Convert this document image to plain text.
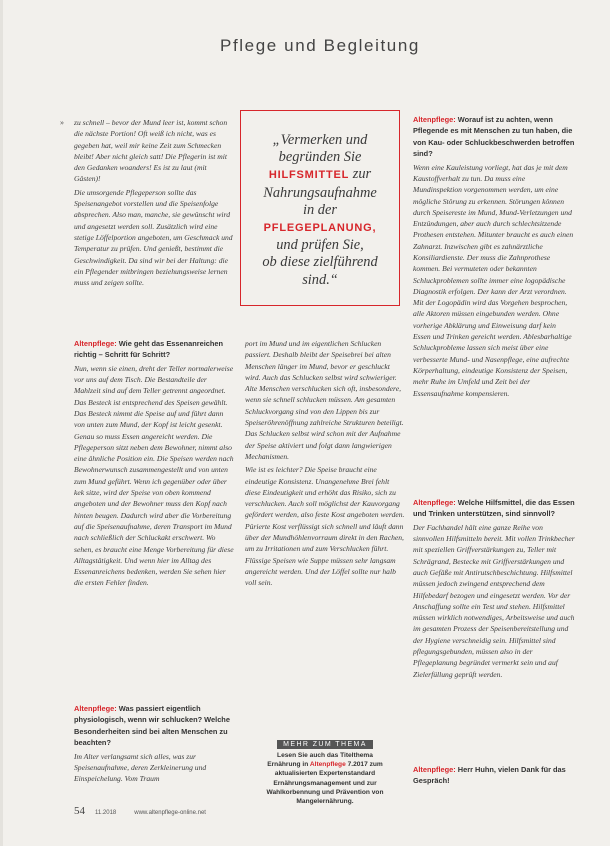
Pflege und Begleitung

» zu schnell – bevor der Mund leer ist, kommt schon die nächste Portion! Oft weiß ich nicht, was es gegeben hat, weil mir keine Zeit zum Schmecken bleibt! Aber nicht gleich satt! Die Pflegerin ist mit den Gedanken woanders! Es ist zu laut (mit Gästen)!

Die umsorgende Pflegeperson sollte das Speisenangebot vorstellen und die Speisenfolge absprechen. Also man, manche, sie gewünscht wird und angesetzt werden soll. Zusätzlich wird eine stetige Löffelportion angeboten, um Geschmack und Temperatur zu prüfen. Und genießt, bestimmt die Geschwindigkeit. Da sind wir bei der Haltung: die ein Pflegender mitbringen beziehungsweise lernen muss und zeigen sollte.

Altenpflege: Wie geht das Essenanreichen richtig – Schritt für Schritt?

Nun, wenn sie einen, dreht der Teller normalerweise vor uns auf dem Tisch. Die Bestandteile der Mahlzeit sind auf dem Teller getrennt angeordnet. Das Besteck ist entsprechend des Speisen gewählt. Das Besteck nimmt die Speise auf und führt dann von unten zum Mund, der Kopf ist leicht gesenkt. Genau so muss Essen angereicht werden. Die Pflegeperson sitzt neben dem Bewohner, nimmt also eine ähnliche Position ein. Die Speisen werden nach Bewohnerwunsch zusammengestellt und von unten zum Mund geführt. Wenn ich gegenüber oder über kek sitze, wird der Speise von oben kommend angeboten und der Bewohner muss den Kopf nach hinten beugen. Dadurch wird aber die Vorbereitung auf die Speisenaufnahme, deren Transport im Mund nach schließlich der Schluckakt erschwert. Wo sehen, es braucht eine Menge Vorbereitung für diese Alltagstätigkeit. Und wenn hier im Alltag des Essenanreichens bedenken, werden Sie sehen hier die ersten Fehler finden.

Altenpflege: Was passiert eigentlich physiologisch, wenn wir schlucken? Welche Besonderheiten sind bei alten Menschen zu beachten?

Im Alter verlangsamt sich alles, was zur Speisenaufnahme, deren Zerkleinerung und Einspeichelung. Vom Traum

„Vermerken und
begründen Sie
HILFSMITTEL zur
Nahrungsaufnahme
in der
PFLEGEPLANUNG,
und prüfen Sie,
ob diese zielführend
sind.“

port im Mund und im eigentlichen Schlucken passiert. Deshalb bleibt der Speisebrei bei alten Menschen länger im Mund, bevor er geschluckt wird. Auch das Schlucken selbst wird schwieriger. Alte Menschen verschlucken sich oft, insbesondere, wenn sie schnell schlucken müssen. Am gesamten Schluckvorgang sind von den Lippen bis zur Speiseröhrenöffnung zahlreiche Strukturen beteiligt. Das Schlucken selbst wird schon mit der Aufnahme der Speise aktiviert und folgt dann langwierigen Mechanismen.

Wie ist es leichter? Die Speise braucht eine eindeutige Konsistenz. Unangenehme Brei fehlt diese Eindeutigkeit und erhöht das Risiko, sich zu verschlucken. Auch soll möglichst der Kauvorgang gefördert werden, also feste Kost angeboten werden. Pürierte Kost verflüssigt sich schnell und läuft dann über der Mundhöhlenvorraum direkt in den Rachen, um zu Irritationen und zum Verschlucken führt. Flüssige Speisen wie Suppe müssen sehr langsam angereicht werden. Und der Löffel sollte nur halb voll sein.

MEHR ZUM THEMA
Lesen Sie auch das Titelthema
Ernährung in Altenpflege 7.2017 zum
aktualisierten Expertenstandard
Ernährungsmanagement und zur
Wahlkorbennung und Prävention von
Mangelernährung.

Altenpflege: Worauf ist zu achten, wenn Pflegende es mit Menschen zu tun haben, die von Kau- oder Schluckbeschwerden betroffen sind?

Wenn eine Kauleistung vorliegt, hat das je mit dem Kaustoffverhalt zu tun. Da muss eine Mundinspektion vorgenommen werden, um eine mögliche Störung zu erkennen. Störungen können durch Speisereste im Mund, Mund-Verletzungen und Entzündungen, aber auch durch schlechtsitzende Prothesen entstehen. Mitunter braucht es auch einen Zahnarzt. Inzwischen gibt es zahnärztliche Konsiliardienste. Der muss die Zahnprothese kommen. Bei vermuteten oder bekannten Schluckproblemen sollte immer eine logopädische Diagnostik erfolgen. Der kann der Arzt verordnen. Mit der Logopädin wird das Vorgehen besprochen, alle Aktoren müssen eingebunden werden. Ohne vorherige Abklärung und Einweisung darf kein Essen und Trinken gereicht werden. Ablesbarhaltige Schluckprobleme lassen sich meist über eine verbesserte Mund- und Nasenpflege, eine aufrechte Körperhaltung, eindeutige Konsistenz der Speisen, mehr Ruhe im Umfeld und Zeit bei der Essensaufnahme kompensieren.

Altenpflege: Welche Hilfsmittel, die das Essen und Trinken unterstützen, sind sinnvoll?

Der Fachhandel hält eine ganze Reihe von sinnvollen Hilfsmitteln bereit. Mit vollen Trinkbecher mit speziellen Griffverstärkungen zu, Teller mit Schrägrand, Bestecke mit Griffverstärkungen und auch Gefäße mit Antirutschbeschichtung. Hilfsmittel müssen jedoch zwingend entsprechend dem Hilfebedarf bezogen und eingesetzt werden. Vor der Anschaffung sollte ein Test und stehen. Hilfsmittel müssen wirklich notwendiges, Arbeitsweise und auch im gesamten Prozess der Speisenbereitstellung und der Hygiene verschneidig sein. Hilfsmittel sind pflegungsgebunden, müssen also in der Pflegeplanung begründet vermerkt sein und auf Zielerfüllung geprüft werden.

Altenpflege: Herr Huhn, vielen Dank für das Gespräch!

54 11.2018	www.altenpflege-online.net
